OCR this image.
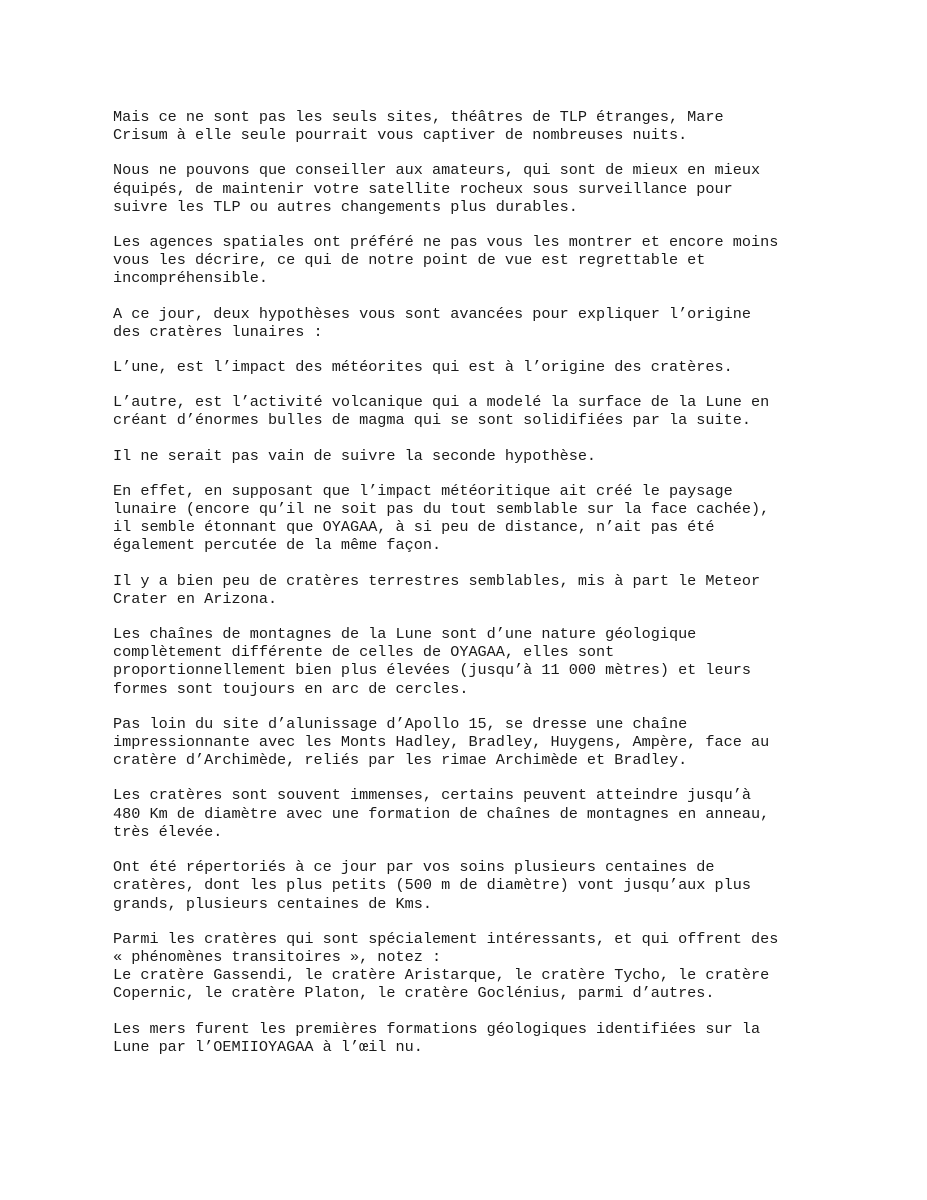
Mais ce ne sont pas les seuls sites, théâtres de TLP étranges, Mare
Crisum à elle seule pourrait vous captiver de nombreuses nuits.
Nous ne pouvons que conseiller aux amateurs, qui sont de mieux en mieux
équipés, de maintenir votre satellite rocheux sous surveillance pour
suivre les TLP ou autres changements plus durables.
Les agences spatiales ont préféré ne pas vous les montrer et encore moins
vous les décrire, ce qui de notre point de vue est regrettable et
incompréhensible.
A ce jour, deux hypothèses vous sont avancées pour expliquer l’origine
des cratères lunaires :
L’une, est l’impact des météorites qui est à l’origine des cratères.
L’autre, est l’activité volcanique qui a modelé la surface de la Lune en
créant d’énormes bulles de magma qui se sont solidifiées par la suite.
Il ne serait pas vain de suivre la seconde hypothèse.
En effet, en supposant que l’impact météoritique ait créé le paysage
lunaire (encore qu’il ne soit pas du tout semblable sur la face cachée),
il semble étonnant que OYAGAA, à si peu de distance, n’ait pas été
également percutée de la même façon.
Il y a bien peu de cratères terrestres semblables, mis à part le Meteor
Crater en Arizona.
Les chaînes de montagnes de la Lune sont d’une nature géologique
complètement différente de celles de OYAGAA, elles sont
proportionnellement bien plus élevées (jusqu’à 11 000 mètres) et leurs
formes sont toujours en arc de cercles.
Pas loin du site d’alunissage d’Apollo 15, se dresse une chaîne
impressionnante avec les Monts Hadley, Bradley, Huygens, Ampère, face au
cratère d’Archimède, reliés par les rimae Archimède et Bradley.
Les cratères sont souvent immenses, certains peuvent atteindre jusqu’à
480 Km de diamètre avec une formation de chaînes de montagnes en anneau,
très élevée.
Ont été répertoriés à ce jour par vos soins plusieurs centaines de
cratères, dont les plus petits (500 m de diamètre) vont jusqu’aux plus
grands, plusieurs centaines de Kms.
Parmi les cratères qui sont spécialement intéressants, et qui offrent des
« phénomènes transitoires », notez :
Le cratère Gassendi, le cratère Aristarque, le cratère Tycho, le cratère
Copernic, le cratère Platon, le cratère Goclénius, parmi d’autres.
Les mers furent les premières formations géologiques identifiées sur la
Lune par l’OEMIIOYAGAA à l’œil nu.
